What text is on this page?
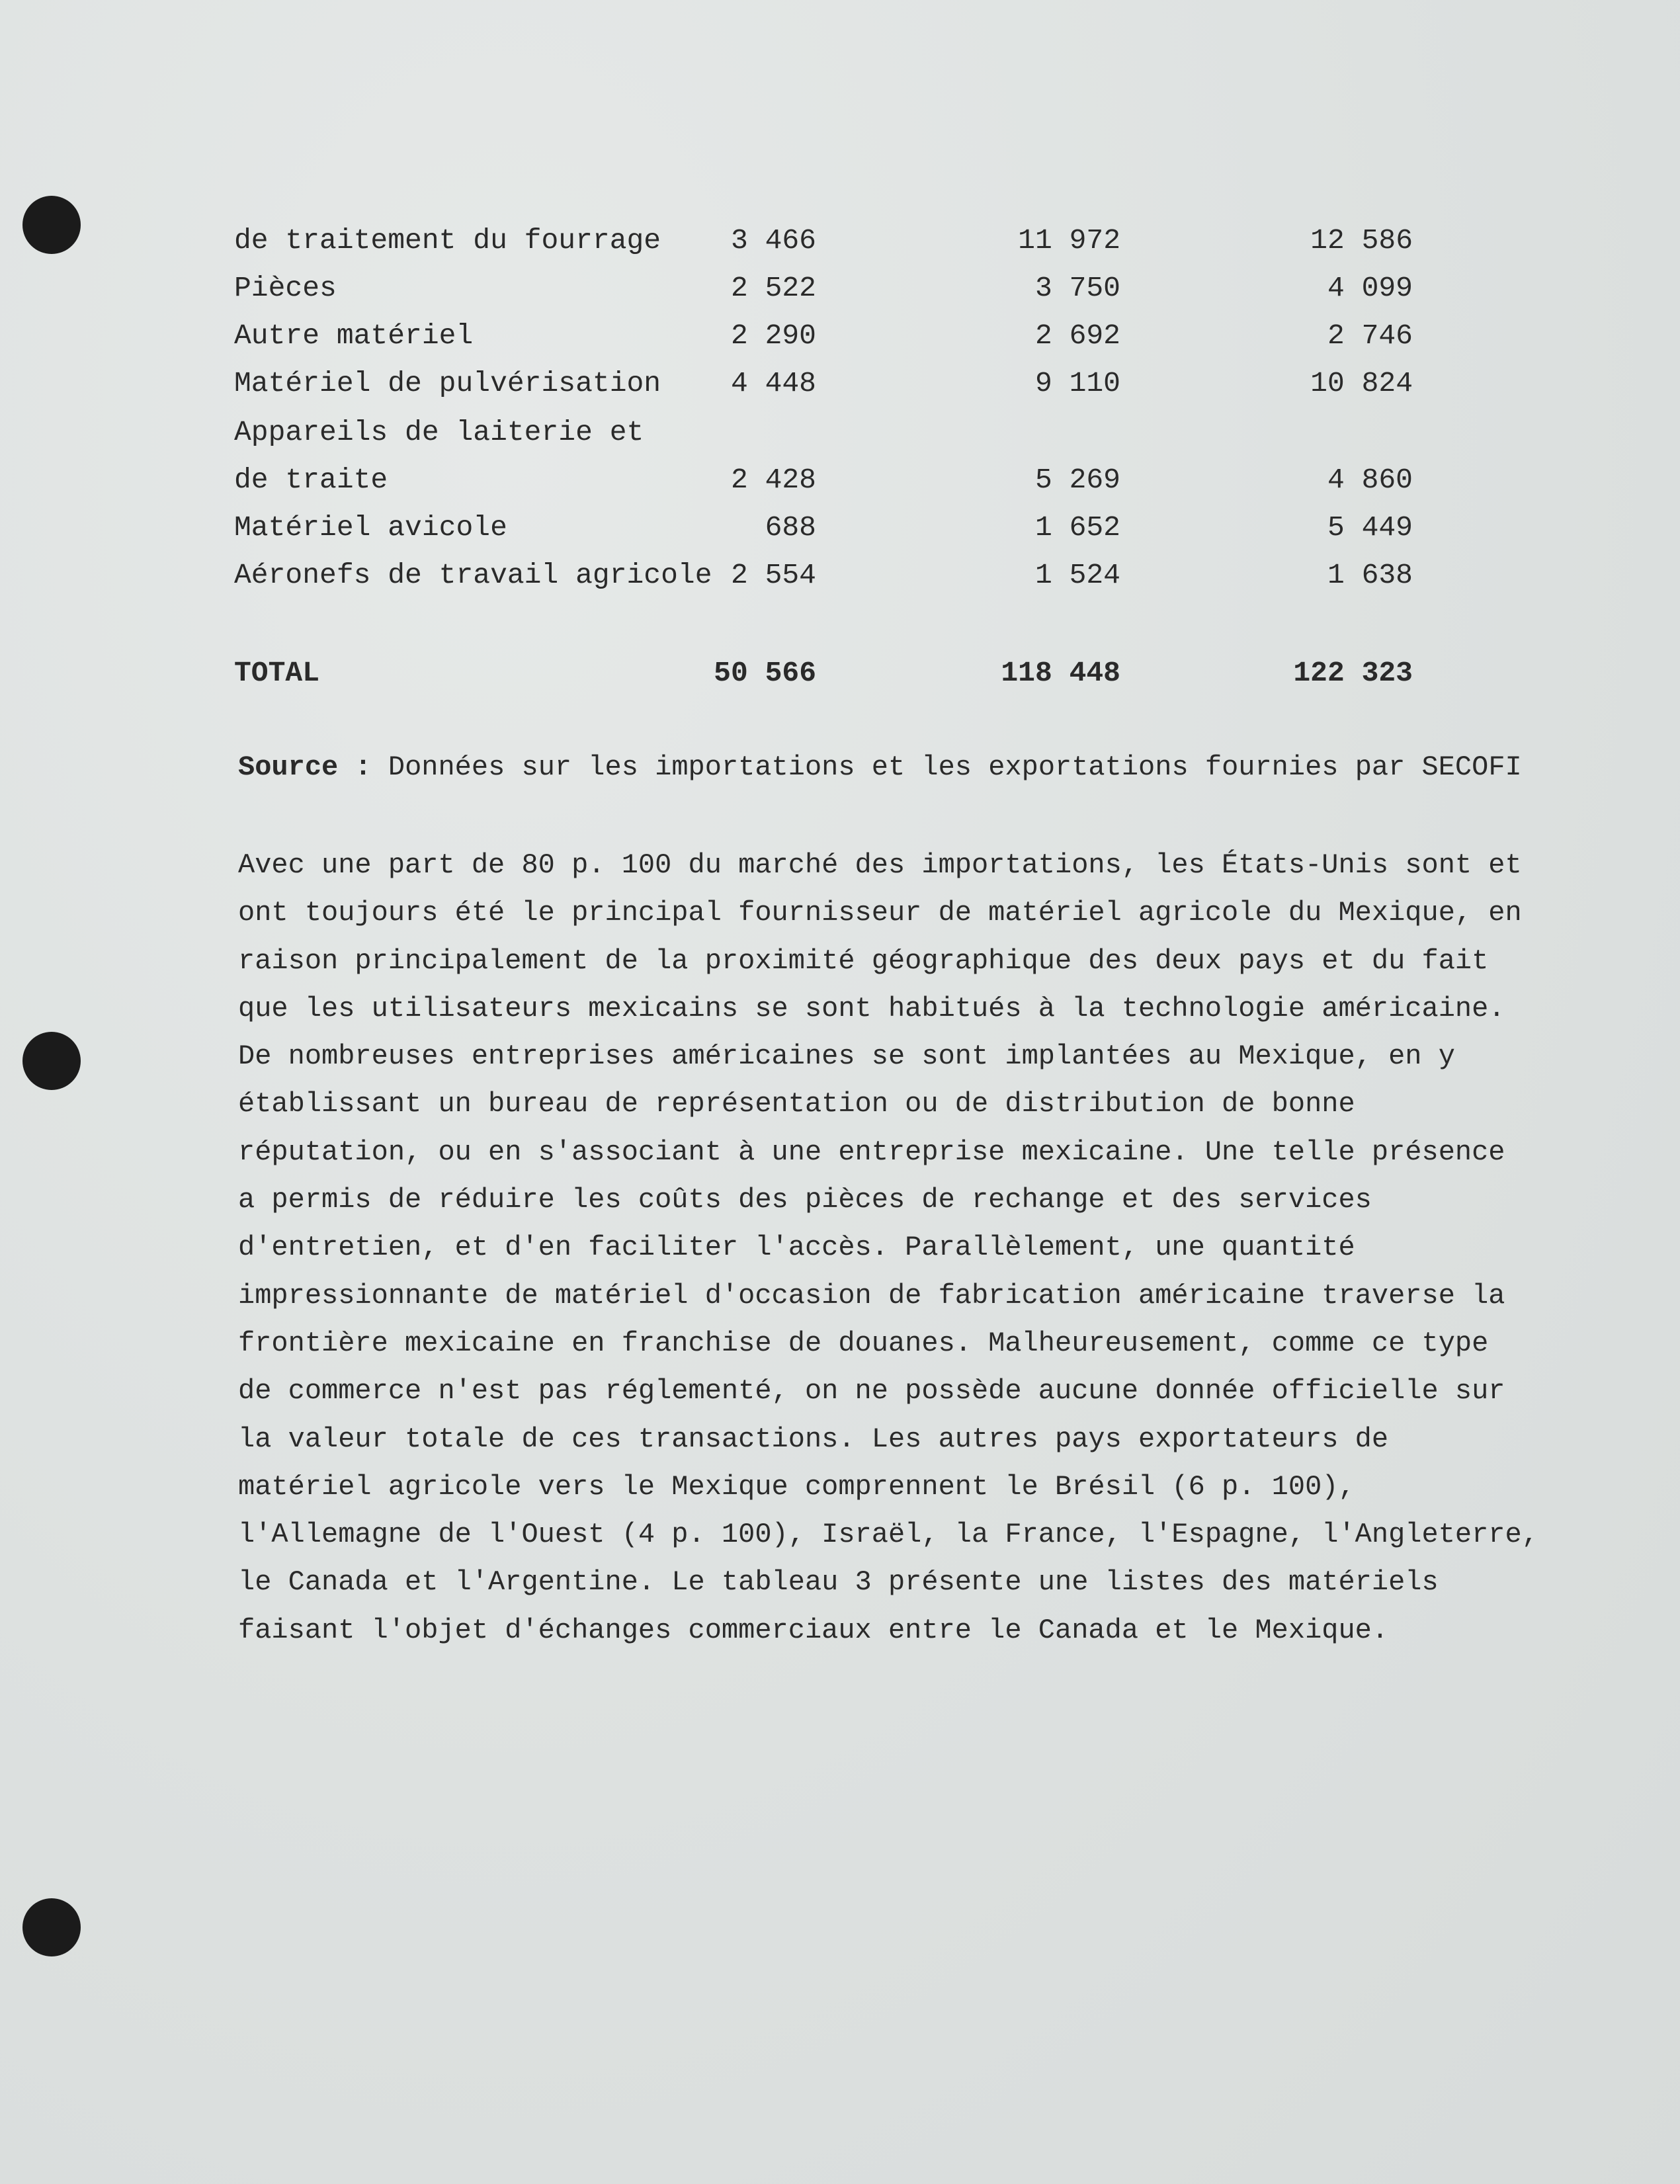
de traitement du fourrage 3 466	11 972	12 586
Pièces	2 522	3 750	4 099
Autre matériel	2 290	2 692	2 746
Matériel de pulvérisation 4 448	9 110	10 824
Appareils de laiterie et
de traite	2 428	5 269	4 860
Matériel avicole	688	1 652	5 449
Aéronefs de travail agricole 2 554	1 524	1 638
TOTAL	50 566	118 448	122 323
Source : Données sur les importations et les exportations fournies par SECOFI
Avec une part de 80 p. 100 du marché des importations, les États-Unis sont et
ont toujours été le principal fournisseur de matériel agricole du Mexique, en
raison principalement de la proximité géographique des deux pays et du fait
que les utilisateurs mexicains se sont habitués à la technologie américaine.
De nombreuses entreprises américaines se sont implantées au Mexique, en y
établissant un bureau de représentation ou de distribution de bonne
réputation, ou en s'associant à une entreprise mexicaine. Une telle présence
a permis de réduire les coûts des pièces de rechange et des services
d'entretien, et d'en faciliter l'accès. Parallèlement, une quantité
impressionnante de matériel d'occasion de fabrication américaine traverse la
frontière mexicaine en franchise de douanes. Malheureusement, comme ce type
de commerce n'est pas réglementé, on ne possède aucune donnée officielle sur
la valeur totale de ces transactions. Les autres pays exportateurs de
matériel agricole vers le Mexique comprennent le Brésil (6 p. 100),
l'Allemagne de l'Ouest (4 p. 100), Israël, la France, l'Espagne, l'Angleterre,
le Canada et l'Argentine. Le tableau 3 présente une listes des matériels
faisant l'objet d'échanges commerciaux entre le Canada et le Mexique.
